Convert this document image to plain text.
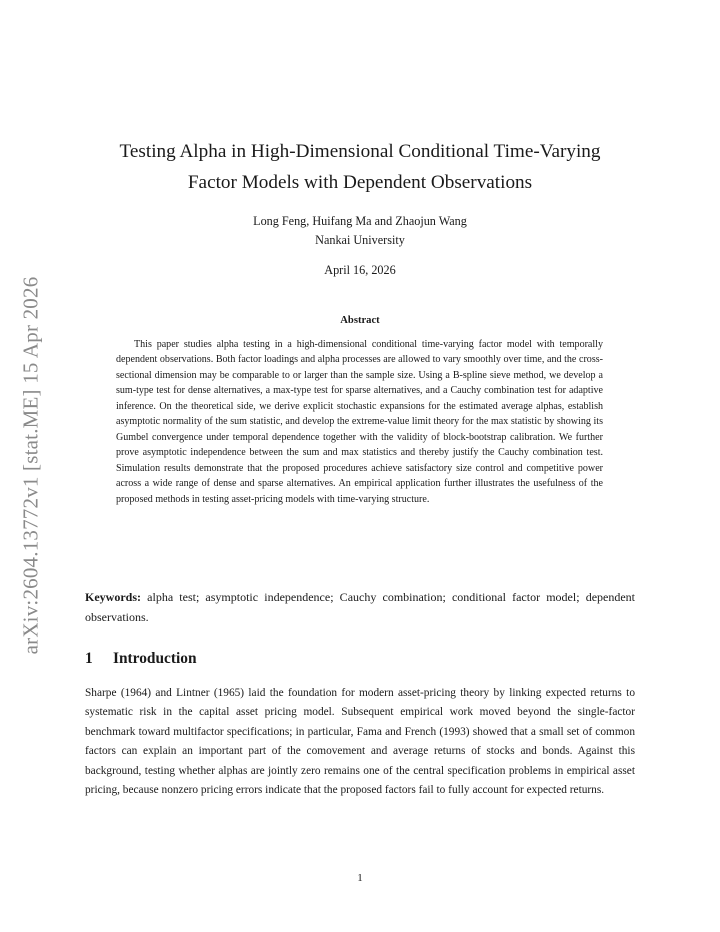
arXiv:2604.13772v1 [stat.ME] 15 Apr 2026
Testing Alpha in High-Dimensional Conditional Time-Varying
Factor Models with Dependent Observations
Long Feng, Huifang Ma and Zhaojun Wang
Nankai University
April 16, 2026
Abstract

This paper studies alpha testing in a high-dimensional conditional time-varying factor model with temporally dependent observations. Both factor loadings and alpha processes are allowed to vary smoothly over time, and the cross-sectional dimension may be comparable to or larger than the sample size. Using a B-spline sieve method, we develop a sum-type test for dense alternatives, a max-type test for sparse alternatives, and a Cauchy combination test for adaptive inference. On the theoretical side, we derive explicit stochastic expansions for the estimated average alphas, establish asymptotic normality of the sum statistic, and develop the extreme-value limit theory for the max statistic by showing its Gumbel convergence under temporal dependence together with the validity of block-bootstrap calibration. We further prove asymptotic independence between the sum and max statistics and thereby justify the Cauchy combination test. Simulation results demonstrate that the proposed procedures achieve satisfactory size control and competitive power across a wide range of dense and sparse alternatives. An empirical application further illustrates the usefulness of the proposed methods in testing asset-pricing models with time-varying structure.

Keywords: alpha test; asymptotic independence; Cauchy combination; conditional factor model; dependent observations.

1 Introduction

Sharpe (1964) and Lintner (1965) laid the foundation for modern asset-pricing theory by linking expected returns to systematic risk in the capital asset pricing model. Subsequent empirical work moved beyond the single-factor benchmark toward multifactor specifications; in particular, Fama and French (1993) showed that a small set of common factors can explain an important part of the comovement and average returns of stocks and bonds. Against this background, testing whether alphas are jointly zero remains one of the central specification problems in empirical asset pricing, because nonzero pricing errors indicate that the proposed factors fail to fully account for expected returns.

1
